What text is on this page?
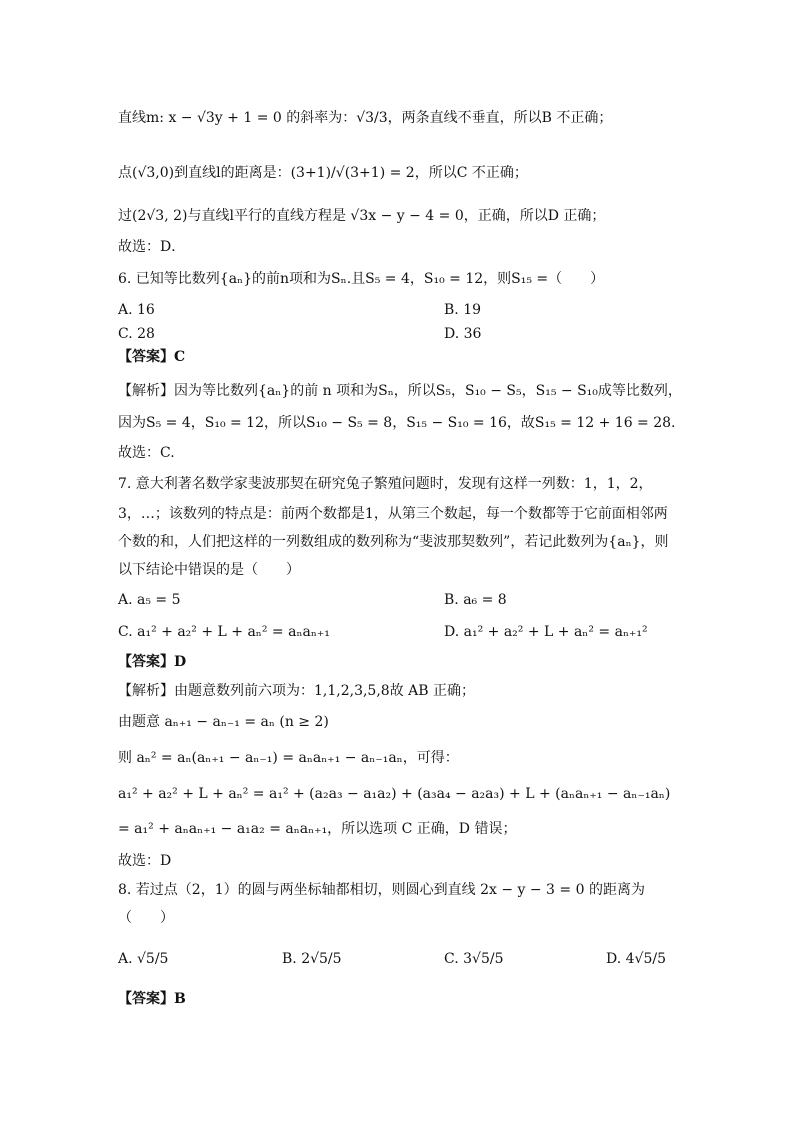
直线m: x − √3y + 1 = 0 的斜率为：√3/3，两条直线不垂直，所以B 不正确；
点(√3,0)到直线l的距离是：(3+1)/√(3+1) = 2，所以C 不正确；
过(2√3, 2)与直线l平行的直线方程是 √3x − y − 4 = 0，正确，所以D 正确；
故选：D．
6. 已知等比数列{aₙ}的前n项和为Sₙ.且S₅ = 4，S₁₀ = 12，则S₁₅ =（　　）
A. 16	B. 19
C. 28	D. 36
【答案】C
【解析】因为等比数列{aₙ}的前 n 项和为Sₙ，所以S₅，S₁₀ − S₅，S₁₅ − S₁₀成等比数列，
因为S₅ = 4，S₁₀ = 12，所以S₁₀ − S₅ = 8，S₁₅ − S₁₀ = 16，故S₁₅ = 12 + 16 = 28.
故选：C.
7. 意大利著名数学家斐波那契在研究兔子繁殖问题时，发现有这样一列数：1，1，2，
3，…；该数列的特点是：前两个数都是1，从第三个数起，每一个数都等于它前面相邻两
个数的和，人们把这样的一列数组成的数列称为“斐波那契数列”，若记此数列为{aₙ}，则
以下结论中错误的是（　　）
A. a₅ = 5	B. a₆ = 8
C. a₁² + a₂² + L + aₙ² = aₙaₙ₊₁	D. a₁² + a₂² + L + aₙ² = aₙ₊₁²
【答案】D
【解析】由题意数列前六项为：1,1,2,3,5,8故 AB 正确；
由题意 aₙ₊₁ − aₙ₋₁ = aₙ (n ≥ 2)
则 aₙ² = aₙ(aₙ₊₁ − aₙ₋₁) = aₙaₙ₊₁ − aₙ₋₁aₙ，可得：
a₁² + a₂² + L + aₙ² = a₁² + (a₂a₃ − a₁a₂) + (a₃a₄ − a₂a₃) + L + (aₙaₙ₊₁ − aₙ₋₁aₙ)
= a₁² + aₙaₙ₊₁ − a₁a₂ = aₙaₙ₊₁，所以选项 C 正确，D 错误；
故选：D
8. 若过点（2，1）的圆与两坐标轴都相切，则圆心到直线 2x − y − 3 = 0 的距离为
（　　）
A. √5/5	B. 2√5/5	C. 3√5/5	D. 4√5/5
【答案】B
